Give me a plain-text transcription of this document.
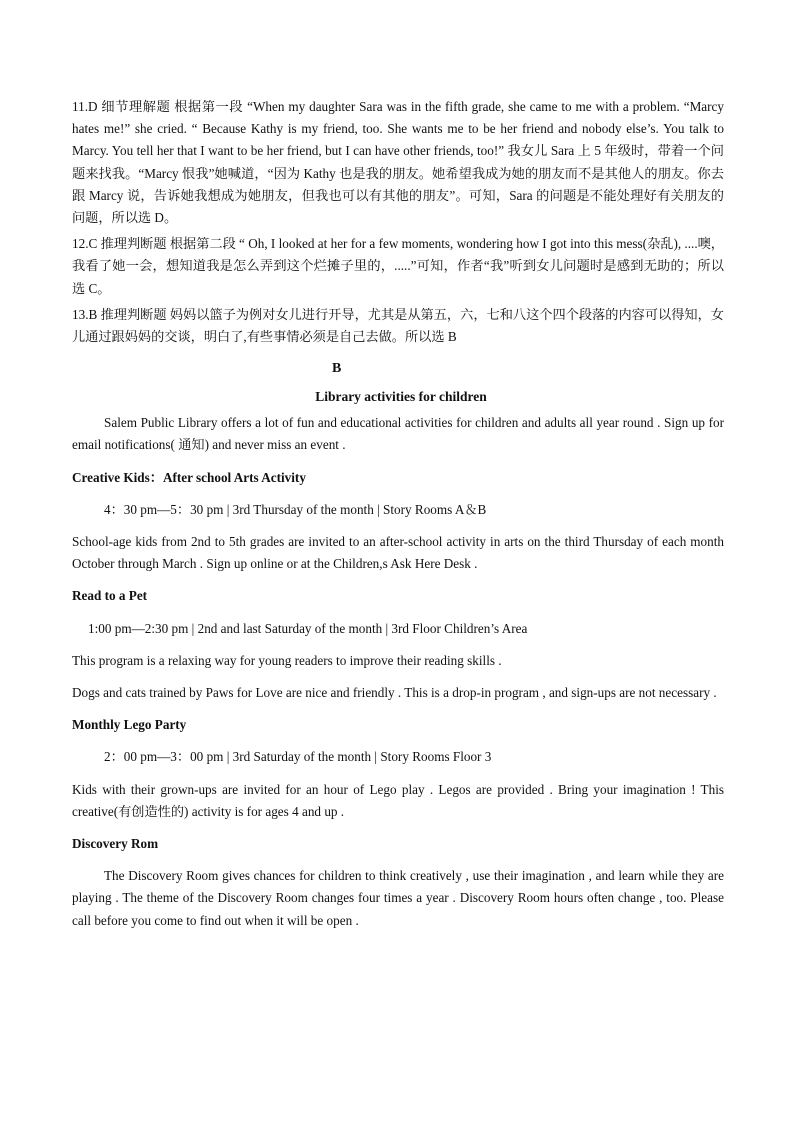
11.D 细节理解题 根据第一段 “When my daughter Sara was in the fifth grade, she came to me with a problem. “Marcy hates me!” she cried. “ Because Kathy is my friend, too. She wants me to be her friend and nobody else’s. You talk to Marcy. You tell her that I want to be her friend, but I can have other friends, too!” 我女儿 Sara 上 5 年级时，带着一个问题来找我。“Marcy 恨我”她喊道，“因为 Kathy 也是我的朋友。她希望我成为她的朋友而不是其他人的朋友。你去跟 Marcy 说，告诉她我想成为她朋友，但我也可以有其他的朋友”。可知，Sara 的问题是不能处理好有关朋友的问题，所以选 D。

12.C 推理判断题 根据第二段 “ Oh, I looked at her for a few moments, wondering how I got into this mess(杂乱), ....噢，我看了她一会，想知道我是怎么弄到这个烂摊子里的，.....”可知，作者“我”听到女儿问题时是感到无助的；所以选 C。

13.B 推理判断题 妈妈以篮子为例对女儿进行开导，尤其是从第五，六，七和八这个四个段落的内容可以得知，女儿通过跟妈妈的交谈，明白了,有些事情必须是自己去做。所以选 B

B
Library activities for children

Salem Public Library offers a lot of fun and educational activities for children and adults all year round . Sign up for email notifications( 通知) and never miss an event .

Creative Kids：After school Arts Activity

4：30 pm—5：30 pm | 3rd Thursday of the month | Story Rooms A＆B

School-age kids from 2nd to 5th grades are invited to an after-school activity in arts on the third Thursday of each month October through March . Sign up online or at the Children,s Ask Here Desk .

Read to a Pet

1:00 pm—2:30 pm | 2nd and last Saturday of the month | 3rd Floor Children’s Area

This program is a relaxing way for young readers to improve their reading skills .

Dogs and cats trained by Paws for Love are nice and friendly . This is a drop-in program , and sign-ups are not necessary .

Monthly Lego Party

2：00 pm—3：00 pm | 3rd Saturday of the month | Story Rooms Floor 3

Kids with their grown-ups are invited for an hour of Lego play . Legos are provided . Bring your imagination ! This creative(有创造性的) activity is for ages 4 and up .

Discovery Rom

The Discovery Room gives chances for children to think creatively , use their imagination , and learn while they are playing . The theme of the Discovery Room changes four times a year . Discovery Room hours often change , too. Please call before you come to find out when it will be open .
